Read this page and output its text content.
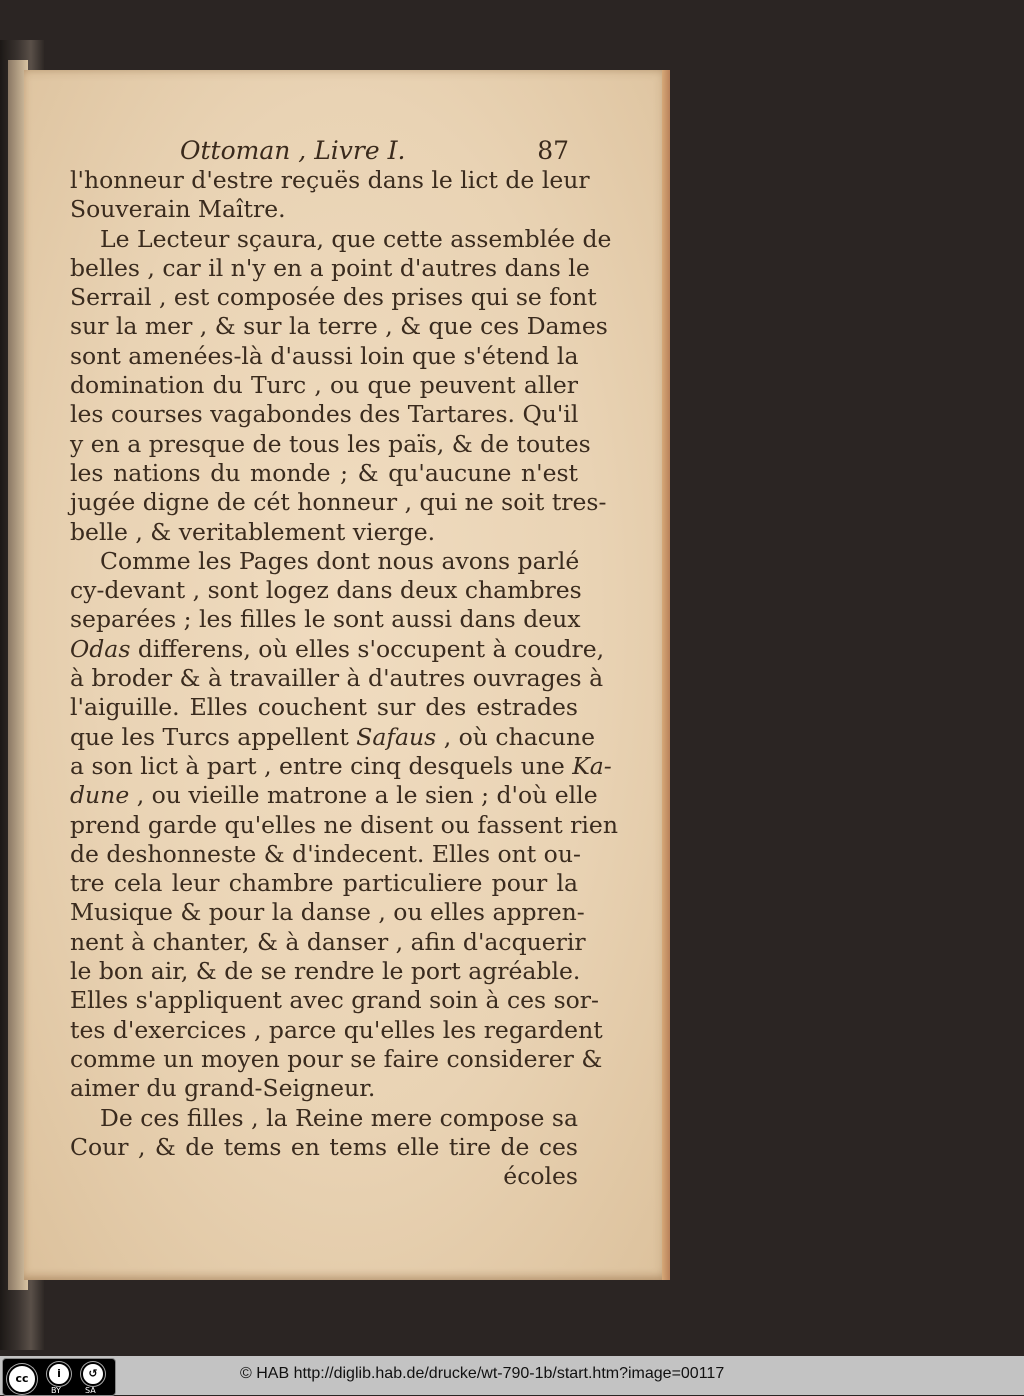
Ottoman , Livre I.	87
l'honneur d'estre reçuës dans le lict de leur
Souverain Maître.
Le Lecteur sçaura, que cette assemblée de
belles , car il n'y en a point d'autres dans le
Serrail , est composée des prises qui se font
sur la mer , & sur la terre , & que ces Dames
sont amenées-là d'aussi loin que s'étend la
domination du Turc , ou que peuvent aller
les courses vagabondes des Tartares. Qu'il
y en a presque de tous les païs, & de toutes
les nations du monde ; & qu'aucune n'est
jugée digne de cét honneur , qui ne soit tres-
belle , & veritablement vierge.
Comme les Pages dont nous avons parlé
cy-devant , sont logez dans deux chambres
separées ; les filles le sont aussi dans deux
Odas differens, où elles s'occupent à coudre,
à broder & à travailler à d'autres ouvrages à
l'aiguille. Elles couchent sur des estrades
que les Turcs appellent Safaus , où chacune
a son lict à part , entre cinq desquels une Ka-
dune , ou vieille matrone a le sien ; d'où elle
prend garde qu'elles ne disent ou fassent rien
de deshonneste & d'indecent. Elles ont ou-
tre cela leur chambre particuliere pour la
Musique & pour la danse , ou elles appren-
nent à chanter, & à danser , afin d'acquerir
le bon air, & de se rendre le port agréable.
Elles s'appliquent avec grand soin à ces sor-
tes d'exercices , parce qu'elles les regardent
comme un moyen pour se faire considerer &
aimer du grand-Seigneur.
De ces filles , la Reine mere compose sa
Cour , & de tems en tems elle tire de ces
écoles
cc	i	↺
BY	SA
© HAB http://diglib.hab.de/drucke/wt-790-1b/start.htm?image=00117
